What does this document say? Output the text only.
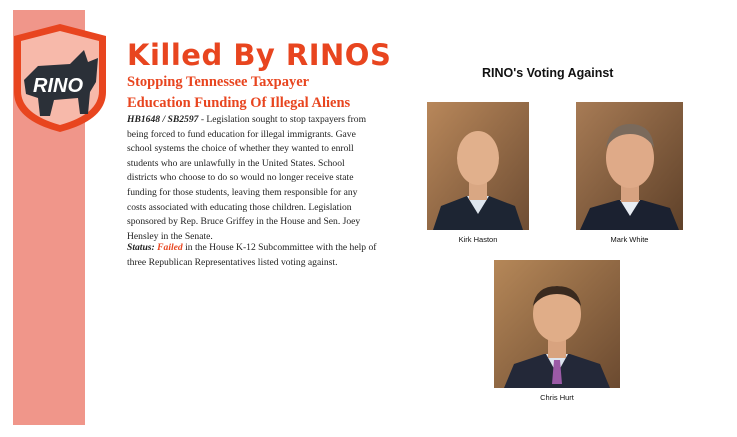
RINO
Killed By RINOS
Stopping Tennessee Taxpayer
Education Funding Of Illegal Aliens

HB1648 / SB2597 - Legislation sought to stop taxpayers from being forced to fund education for illegal immigrants. Gave school systems the choice of whether they wanted to enroll students who are unlawfully in the United States. School districts who choose to do so would no longer receive state funding for those students, leaving them responsible for any costs associated with educating those children. Legislation sponsored by Rep. Bruce Griffey in the House and Sen. Joey Hensley in the Senate.

Status: Failed in the House K-12 Subcommittee with the help of three Republican Representatives listed voting against.

RINO's Voting Against
Kirk Haston	Mark White
Chris Hurt
